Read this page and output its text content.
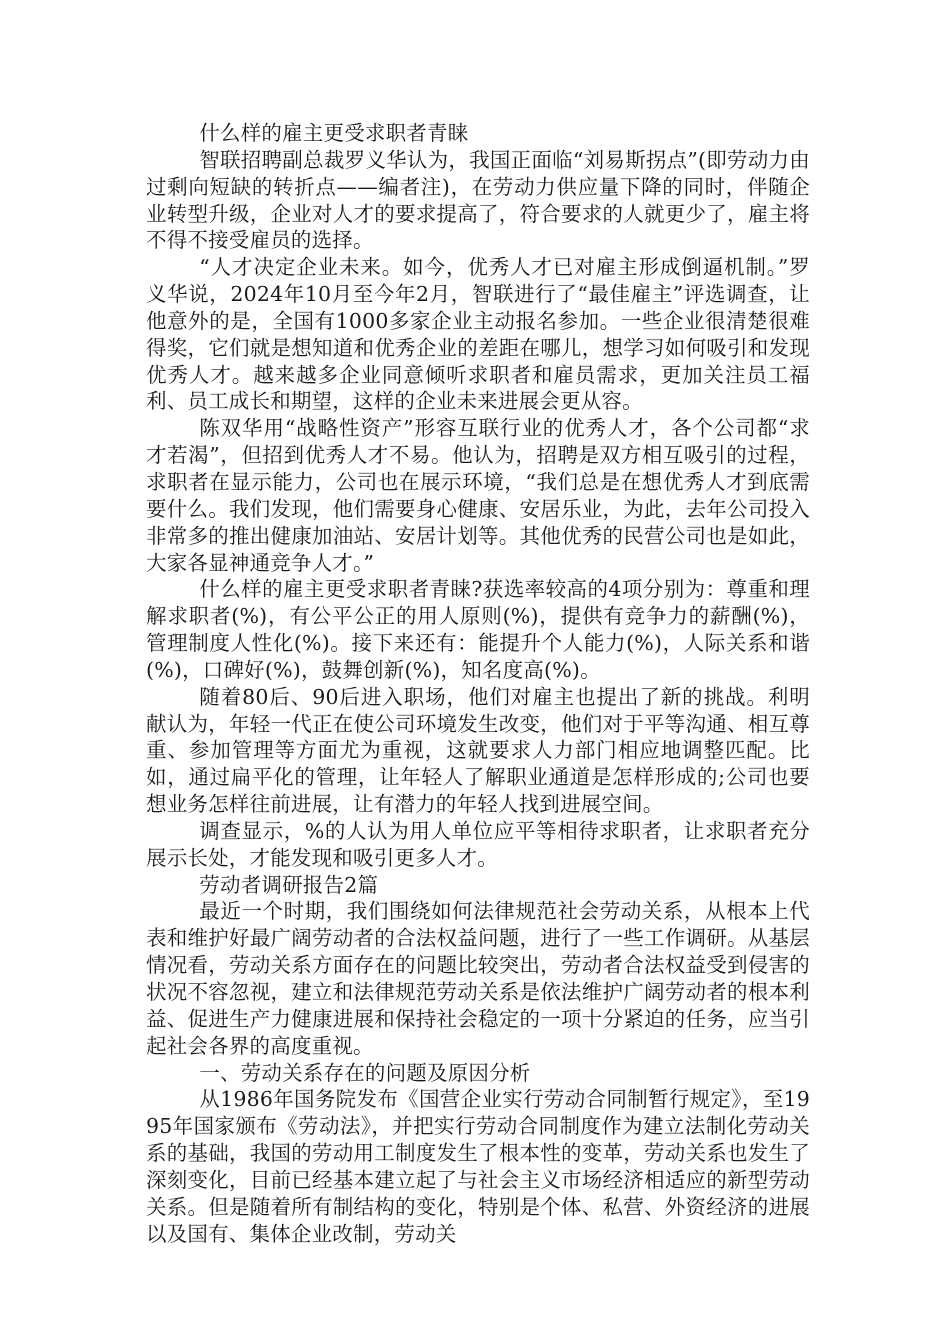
什么样的雇主更受求职者青睐

智联招聘副总裁罗义华认为，我国正面临“刘易斯拐点”(即劳动力由过剩向短缺的转折点——编者注)，在劳动力供应量下降的同时，伴随企业转型升级，企业对人才的要求提高了，符合要求的人就更少了，雇主将不得不接受雇员的选择。

“人才决定企业未来。如今，优秀人才已对雇主形成倒逼机制。”罗义华说，2024年10月至今年2月，智联进行了“最佳雇主”评选调查，让他意外的是，全国有1000多家企业主动报名参加。一些企业很清楚很难得奖，它们就是想知道和优秀企业的差距在哪儿，想学习如何吸引和发现优秀人才。越来越多企业同意倾听求职者和雇员需求，更加关注员工福利、员工成长和期望，这样的企业未来进展会更从容。

陈双华用“战略性资产”形容互联行业的优秀人才，各个公司都“求才若渴”，但招到优秀人才不易。他认为，招聘是双方相互吸引的过程，求职者在显示能力，公司也在展示环境，“我们总是在想优秀人才到底需要什么。我们发现，他们需要身心健康、安居乐业，为此，去年公司投入非常多的推出健康加油站、安居计划等。其他优秀的民营公司也是如此，大家各显神通竞争人才。”

什么样的雇主更受求职者青睐?获选率较高的4项分别为：尊重和理解求职者(%)，有公平公正的用人原则(%)，提供有竞争力的薪酬(%)，管理制度人性化(%)。接下来还有：能提升个人能力(%)，人际关系和谐(%)，口碑好(%)，鼓舞创新(%)，知名度高(%)。

随着80后、90后进入职场，他们对雇主也提出了新的挑战。利明献认为，年轻一代正在使公司环境发生改变，他们对于平等沟通、相互尊重、参加管理等方面尤为重视，这就要求人力部门相应地调整匹配。比如，通过扁平化的管理，让年轻人了解职业通道是怎样形成的;公司也要想业务怎样往前进展，让有潜力的年轻人找到进展空间。

调查显示，%的人认为用人单位应平等相待求职者，让求职者充分展示长处，才能发现和吸引更多人才。

劳动者调研报告2篇

最近一个时期，我们围绕如何法律规范社会劳动关系，从根本上代表和维护好最广阔劳动者的合法权益问题，进行了一些工作调研。从基层情况看，劳动关系方面存在的问题比较突出，劳动者合法权益受到侵害的状况不容忽视，建立和法律规范劳动关系是依法维护广阔劳动者的根本利益、促进生产力健康进展和保持社会稳定的一项十分紧迫的任务，应当引起社会各界的高度重视。

一、劳动关系存在的问题及原因分析

从1986年国务院发布《国营企业实行劳动合同制暂行规定》，至1995年国家颁布《劳动法》，并把实行劳动合同制度作为建立法制化劳动关系的基础，我国的劳动用工制度发生了根本性的变革，劳动关系也发生了深刻变化，目前已经基本建立起了与社会主义市场经济相适应的新型劳动关系。但是随着所有制结构的变化，特别是个体、私营、外资经济的进展以及国有、集体企业改制，劳动关
